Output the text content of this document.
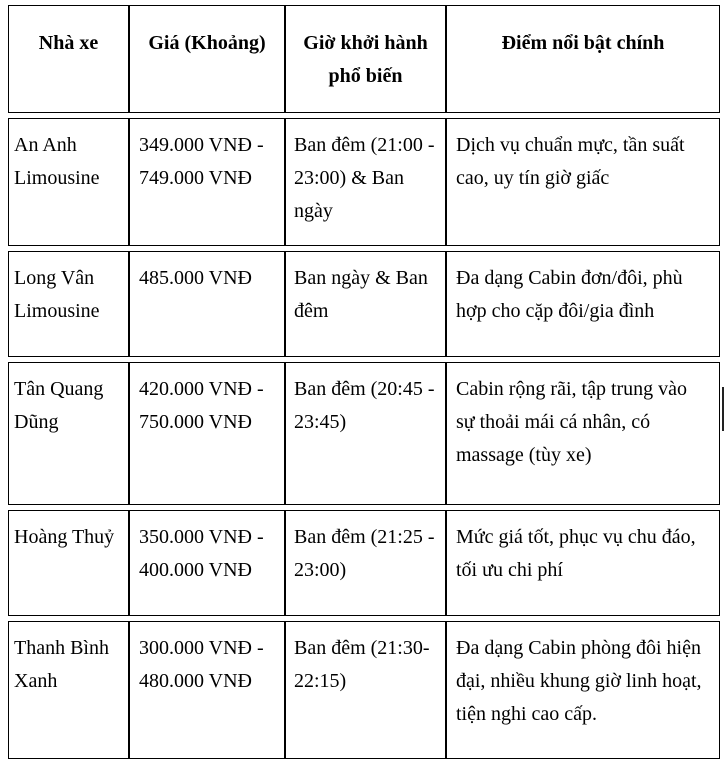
Nhà xe	Giá (Khoảng)	Giờ khởi hành phổ biến	Điểm nổi bật chính
An Anh Limousine	349.000 VNĐ - 749.000 VNĐ	Ban đêm (21:00 - 23:00) & Ban ngày	Dịch vụ chuẩn mực, tần suất cao, uy tín giờ giấc
Long Vân Limousine	485.000 VNĐ	Ban ngày & Ban đêm	Đa dạng Cabin đơn/đôi, phù hợp cho cặp đôi/gia đình
Tân Quang Dũng	420.000 VNĐ - 750.000 VNĐ	Ban đêm (20:45 - 23:45)	Cabin rộng rãi, tập trung vào sự thoải mái cá nhân, có massage (tùy xe)
Hoàng Thuỷ	350.000 VNĐ - 400.000 VNĐ	Ban đêm (21:25 - 23:00)	Mức giá tốt, phục vụ chu đáo, tối ưu chi phí
Thanh Bình Xanh	300.000 VNĐ - 480.000 VNĐ	Ban đêm (21:30-22:15)	Đa dạng Cabin phòng đôi hiện đại, nhiều khung giờ linh hoạt, tiện nghi cao cấp.
